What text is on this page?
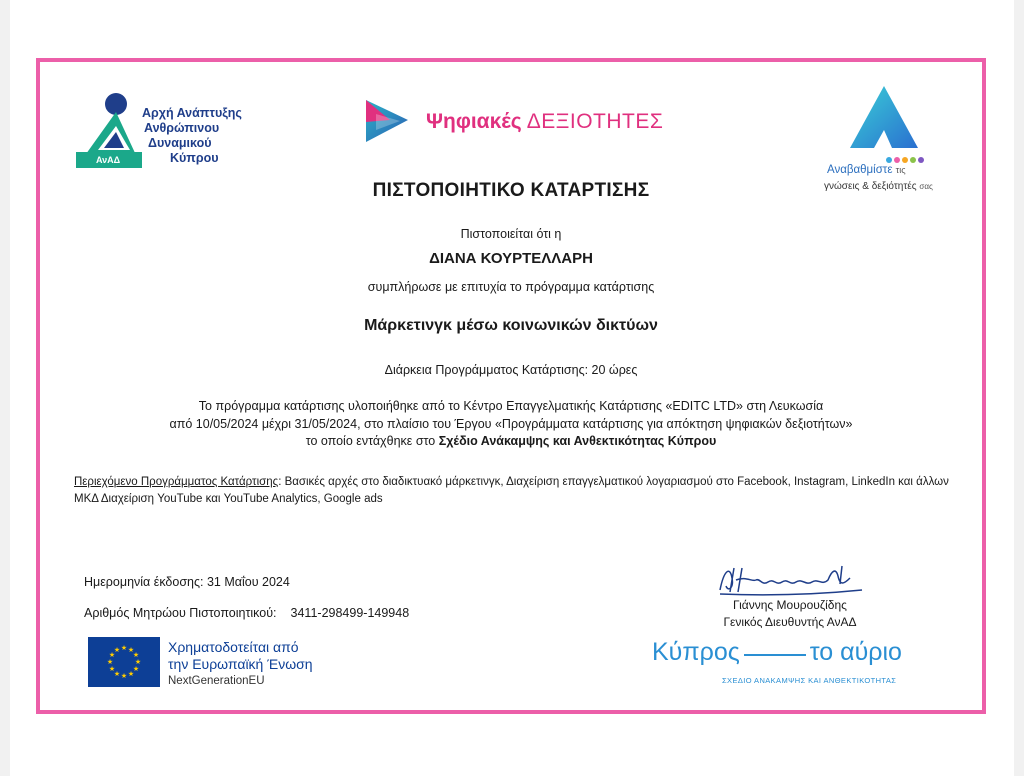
ΑνΑΔ
Αρχή Ανάπτυξης
Ανθρώπινου
Δυναμικού
Κύπρου
Ψηφιακές ΔΕΞΙΟΤΗΤΕΣ
Αναβαθμίστε τις
γνώσεις & δεξιότητές σας
ΠΙΣΤΟΠΟΙΗΤΙΚΟ ΚΑΤΑΡΤΙΣΗΣ
Πιστοποιείται ότι η
ΔΙΑΝΑ ΚΟΥΡΤΕΛΛΑΡΗ
συμπλήρωσε με επιτυχία το πρόγραμμα κατάρτισης
Μάρκετινγκ μέσω κοινωνικών δικτύων
Διάρκεια Προγράμματος Κατάρτισης: 20 ώρες
Το πρόγραμμα κατάρτισης υλοποιήθηκε από το Κέντρο Επαγγελματικής Κατάρτισης «EDITC LTD» στη Λευκωσία
από 10/05/2024 μέχρι 31/05/2024, στο πλαίσιο του Έργου «Προγράμματα κατάρτισης για απόκτηση ψηφιακών δεξιοτήτων»
το οποίο εντάχθηκε στο Σχέδιο Ανάκαμψης και Ανθεκτικότητας Κύπρου
Περιεχόμενο Προγράμματος Κατάρτισης: Βασικές αρχές στο διαδικτυακό μάρκετινγκ, Διαχείριση επαγγελματικού λογαριασμού στο Facebook, Instagram, LinkedIn και άλλων ΜΚΔ Διαχείριση YouTube και YouTube Analytics, Google ads
Ημερομηνία έκδοσης: 31 Μαΐου 2024
Αριθμός Μητρώου Πιστοποιητικού: 3411-298499-149948
Γιάννης Μουρουζίδης
Γενικός Διευθυντής ΑνΑΔ
★ ★
★
★
★
★
★
★
★
★
★
★	Χρηματοδοτείται από
την Ευρωπαϊκή Ένωση
NextGenerationEU
Κύπρος	το αύριο
ΣΧΕΔΙΟ ΑΝΑΚΑΜΨΗΣ ΚΑΙ ΑΝΘΕΚΤΙΚΟΤΗΤΑΣ
